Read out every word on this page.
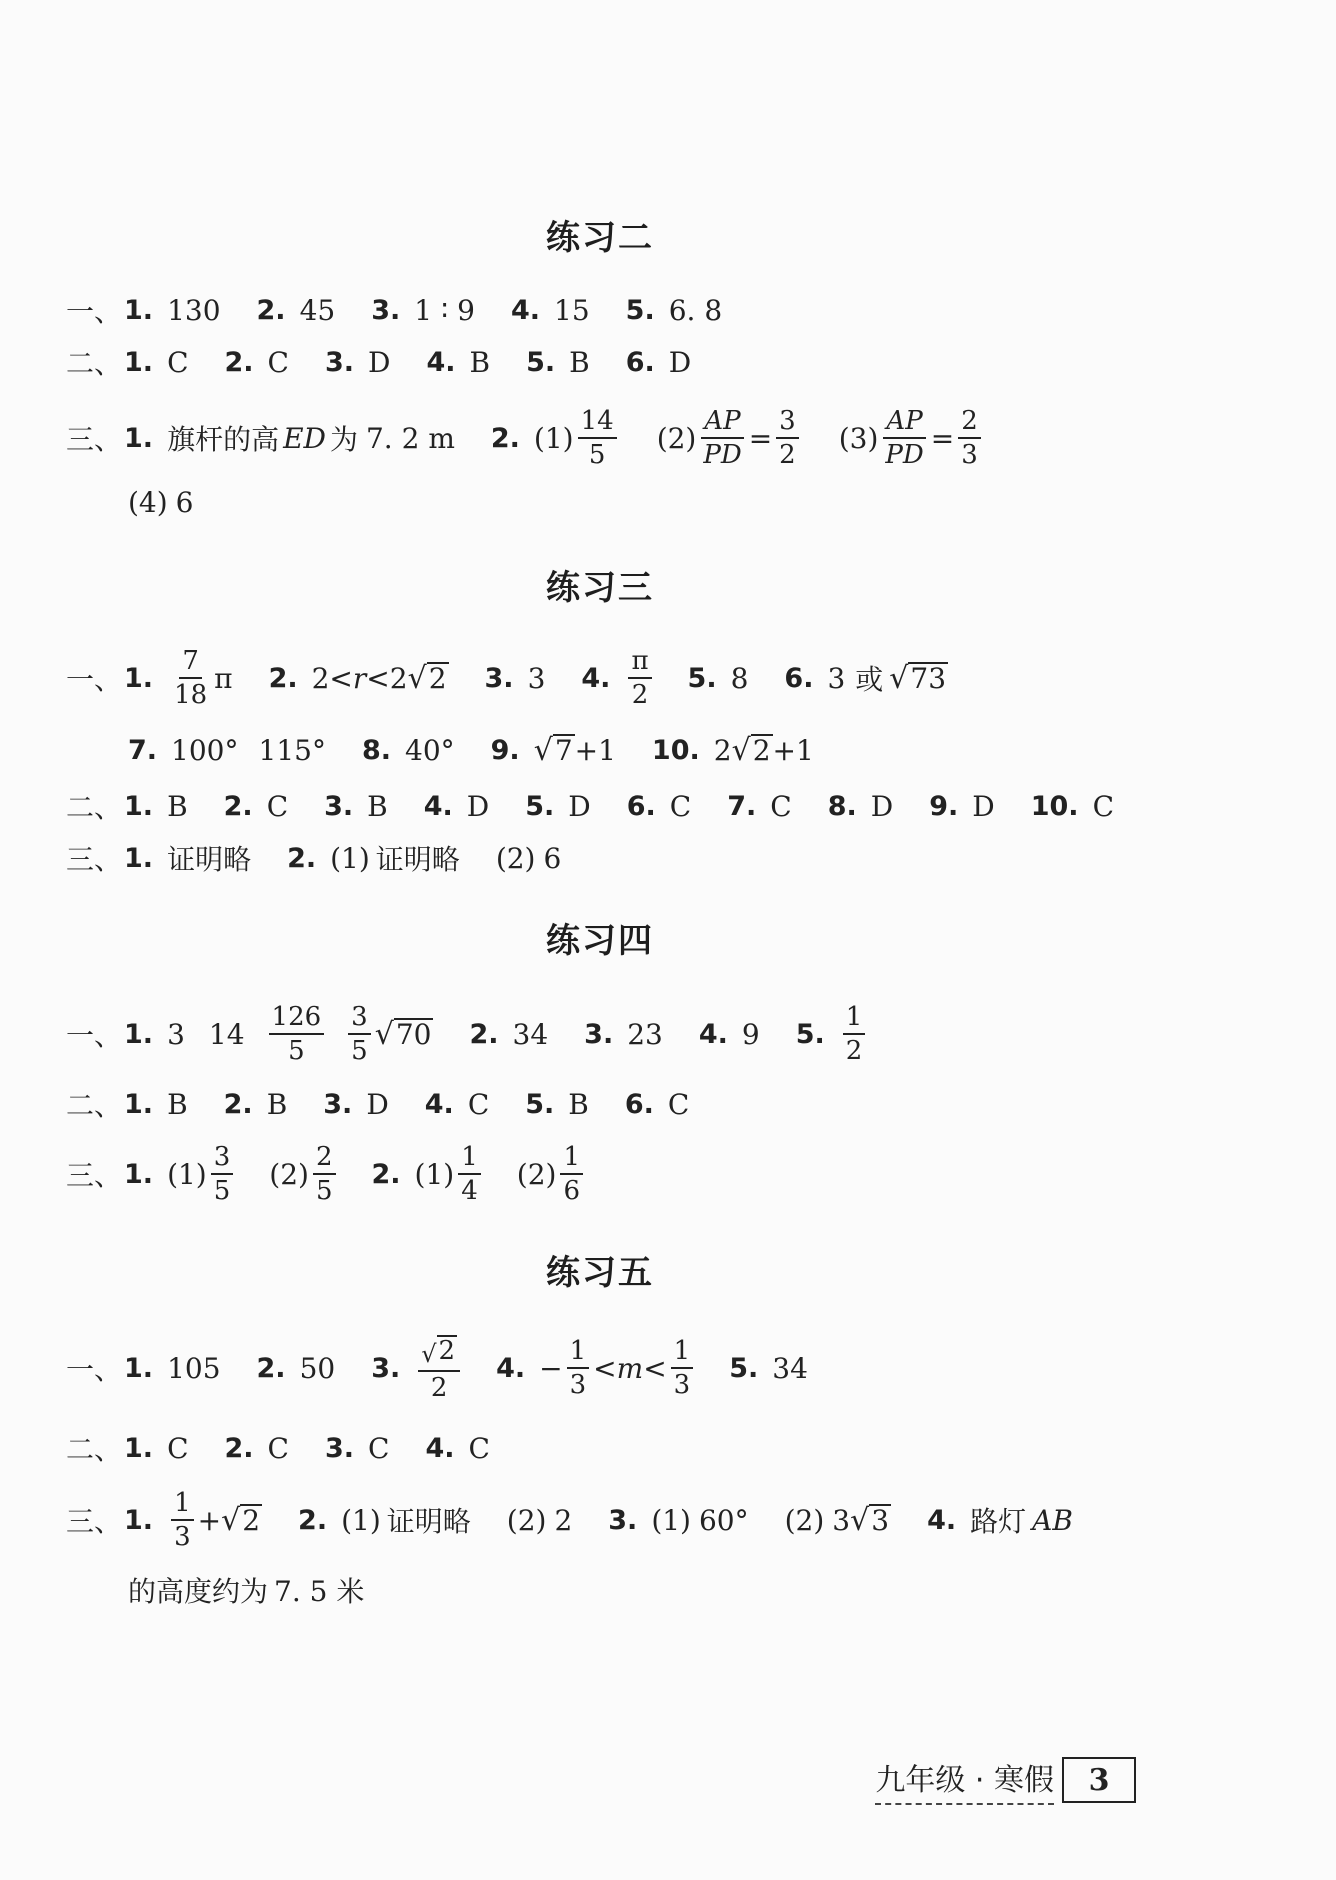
练习二
一、 1. 130 2. 45 3. 1 ∶ 9 4. 15 5. 6. 8
二、 1. C 2. C 3. D 4. B 5. B 6. D
三、 1. 旗杆的高 ED 为 7. 2 m 2. $(1) \frac{14}{5} (2) \frac{AP}{PD} = \frac{3}{2} (3) \frac{AP}{PD} = \frac{2}{3}$
(4) 6
练习三
一、 1. $\frac{7}{18}$ π 2. 2< r <2 √ 2 3. 3 4. $\frac{\pi}{2} 5$. 8 6. 3 或 √ 73
7. 100° 115° 8. 40° 9. √ 7 +1 10. 2 √ 2 +1
二、 1. B 2. C 3. B 4. D 5. D 6. C 7. C 8. D 9. D 10. C
三、 1. 证明略 2. (1) 证明略 (2) 6
练习四
一、 1. 3 $14 \frac{126}{5} \frac{3}{5}$ √ 70 2. 34 3. 23 4. 9 5. $\frac{1}{2}$
二、 1. B 2. B 3. D 4. C 5. B 6. C
三、 1. $(1) \frac{3}{5} (2) \frac{2}{5} 2$. $(1) \frac{1}{4} (2) \frac{1}{6}$
练习五
一、 1. 105 2. 50 3. $\frac{√ 2}{2} 4$. − $\frac{1}{3} < m < \frac{1}{3} 5$. 34
二、 1. C 2. C 3. C 4. C
三、 1. $\frac{1}{3}$ + √ 2 2. (1) 证明略 (2) 2 3. (1) 60° (2) 3 √ 3 4. 路灯 AB
的高度约为 7. 5 米
九年级 · 寒假	3
